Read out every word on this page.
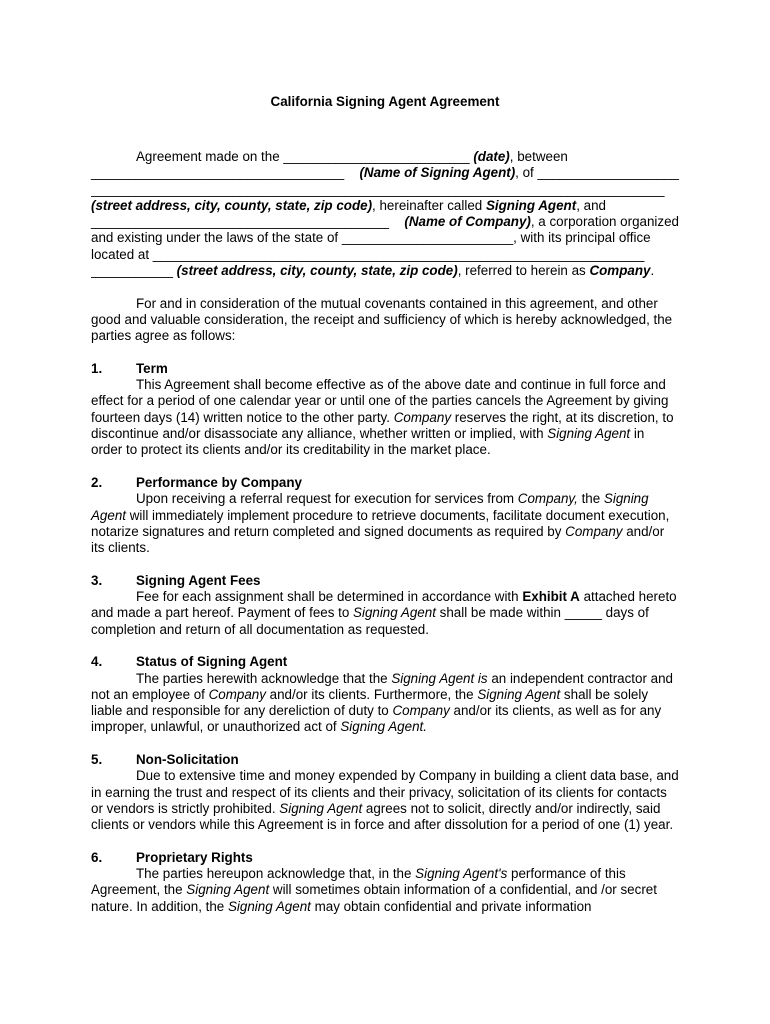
California Signing Agent Agreement

Agreement made on the _________________________ (date), between

__________________________________ (Name of Signing Agent), of ___________________

_____________________________________________________________________________

(street address, city, county, state, zip code), hereinafter called Signing Agent, and

________________________________________ (Name of Company), a corporation organized

and existing under the laws of the state of _______________________, with its principal office

located at __________________________________________________________________

___________ (street address, city, county, state, zip code), referred to herein as Company.

For and in consideration of the mutual covenants contained in this agreement, and other good and valuable consideration, the receipt and sufficiency of which is hereby acknowledged, the parties agree as follows:

1.	Term

This Agreement shall become effective as of the above date and continue in full force and effect for a period of one calendar year or until one of the parties cancels the Agreement by giving fourteen days (14) written notice to the other party. Company reserves the right, at its discretion, to discontinue and/or disassociate any alliance, whether written or implied, with Signing Agent in order to protect its clients and/or its creditability in the market place.

2.	Performance by Company

Upon receiving a referral request for execution for services from Company, the Signing Agent will immediately implement procedure to retrieve documents, facilitate document execution, notarize signatures and return completed and signed documents as required by Company and/or its clients.

3.	Signing Agent Fees

Fee for each assignment shall be determined in accordance with Exhibit A attached hereto and made a part hereof. Payment of fees to Signing Agent shall be made within _____ days of completion and return of all documentation as requested.

4.	Status of Signing Agent

The parties herewith acknowledge that the Signing Agent is an independent contractor and not an employee of Company and/or its clients. Furthermore, the Signing Agent shall be solely liable and responsible for any dereliction of duty to Company and/or its clients, as well as for any improper, unlawful, or unauthorized act of Signing Agent.

5.	Non-Solicitation

Due to extensive time and money expended by Company in building a client data base, and in earning the trust and respect of its clients and their privacy, solicitation of its clients for contacts or vendors is strictly prohibited. Signing Agent agrees not to solicit, directly and/or indirectly, said clients or vendors while this Agreement is in force and after dissolution for a period of one (1) year.

6.	Proprietary Rights

The parties hereupon acknowledge that, in the Signing Agent's performance of this Agreement, the Signing Agent will sometimes obtain information of a confidential, and /or secret nature. In addition, the Signing Agent may obtain confidential and private information
